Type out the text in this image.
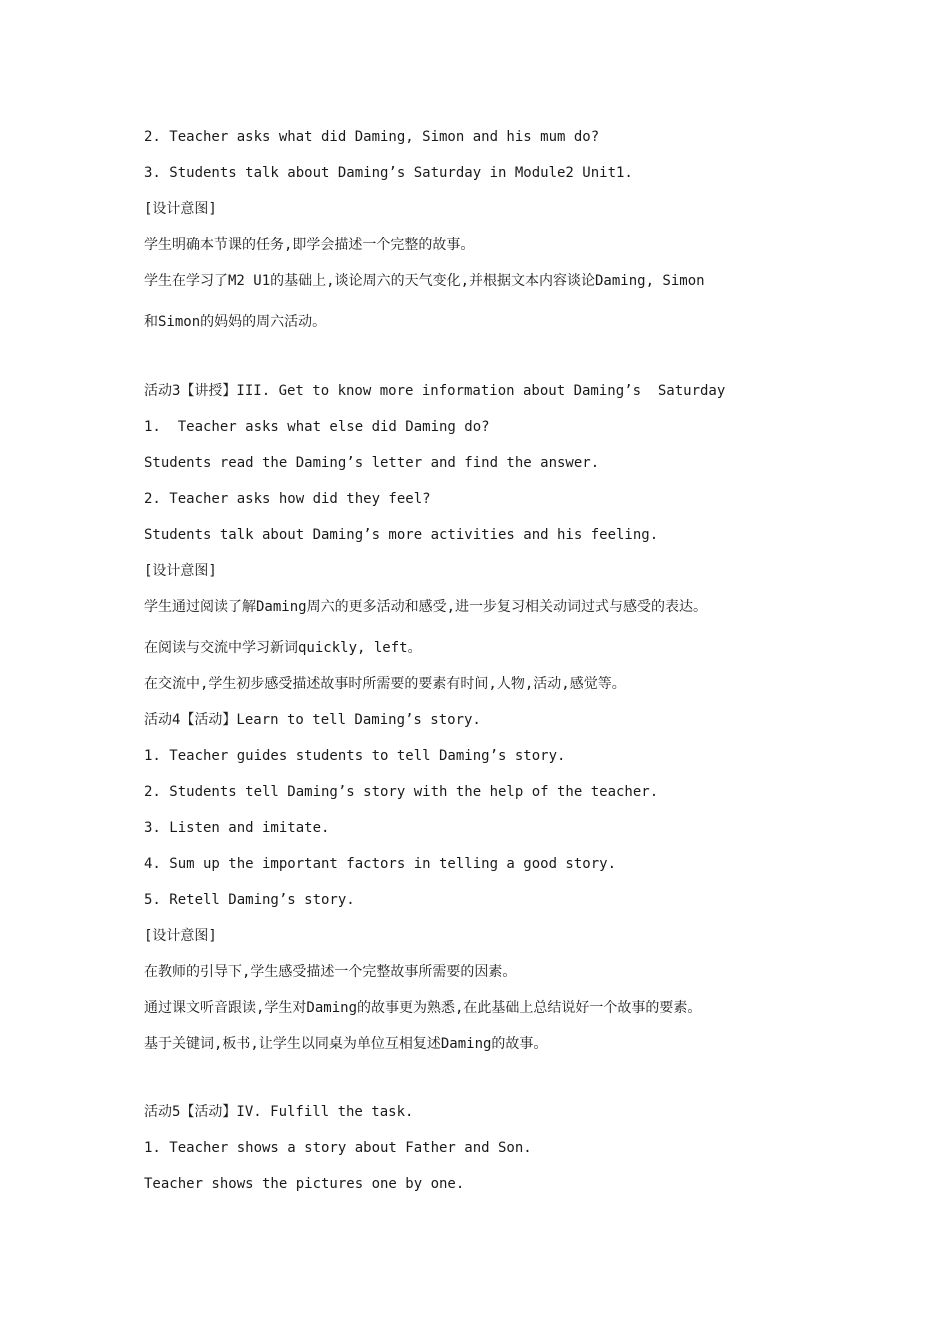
2. Teacher asks what did Daming, Simon and his mum do?
3. Students talk about Daming’s Saturday in Module2 Unit1.
[设计意图]
学生明确本节课的任务,即学会描述一个完整的故事。
学生在学习了M2 U1的基础上,谈论周六的天气变化,并根据文本内容谈论Daming, Simon
和Simon的妈妈的周六活动。
活动3【讲授】III. Get to know more information about Daming’s  Saturday
1.  Teacher asks what else did Daming do?
Students read the Daming’s letter and find the answer.
2. Teacher asks how did they feel?
Students talk about Daming’s more activities and his feeling.
[设计意图]
学生通过阅读了解Daming周六的更多活动和感受,进一步复习相关动词过式与感受的表达。
在阅读与交流中学习新词quickly, left。
在交流中,学生初步感受描述故事时所需要的要素有时间,人物,活动,感觉等。
活动4【活动】Learn to tell Daming’s story.
1. Teacher guides students to tell Daming’s story.
2. Students tell Daming’s story with the help of the teacher.
3. Listen and imitate.
4. Sum up the important factors in telling a good story.
5. Retell Daming’s story.
[设计意图]
在教师的引导下,学生感受描述一个完整故事所需要的因素。
通过课文听音跟读,学生对Daming的故事更为熟悉,在此基础上总结说好一个故事的要素。
基于关键词,板书,让学生以同桌为单位互相复述Daming的故事。
活动5【活动】IV. Fulfill the task.
1. Teacher shows a story about Father and Son.
Teacher shows the pictures one by one.
